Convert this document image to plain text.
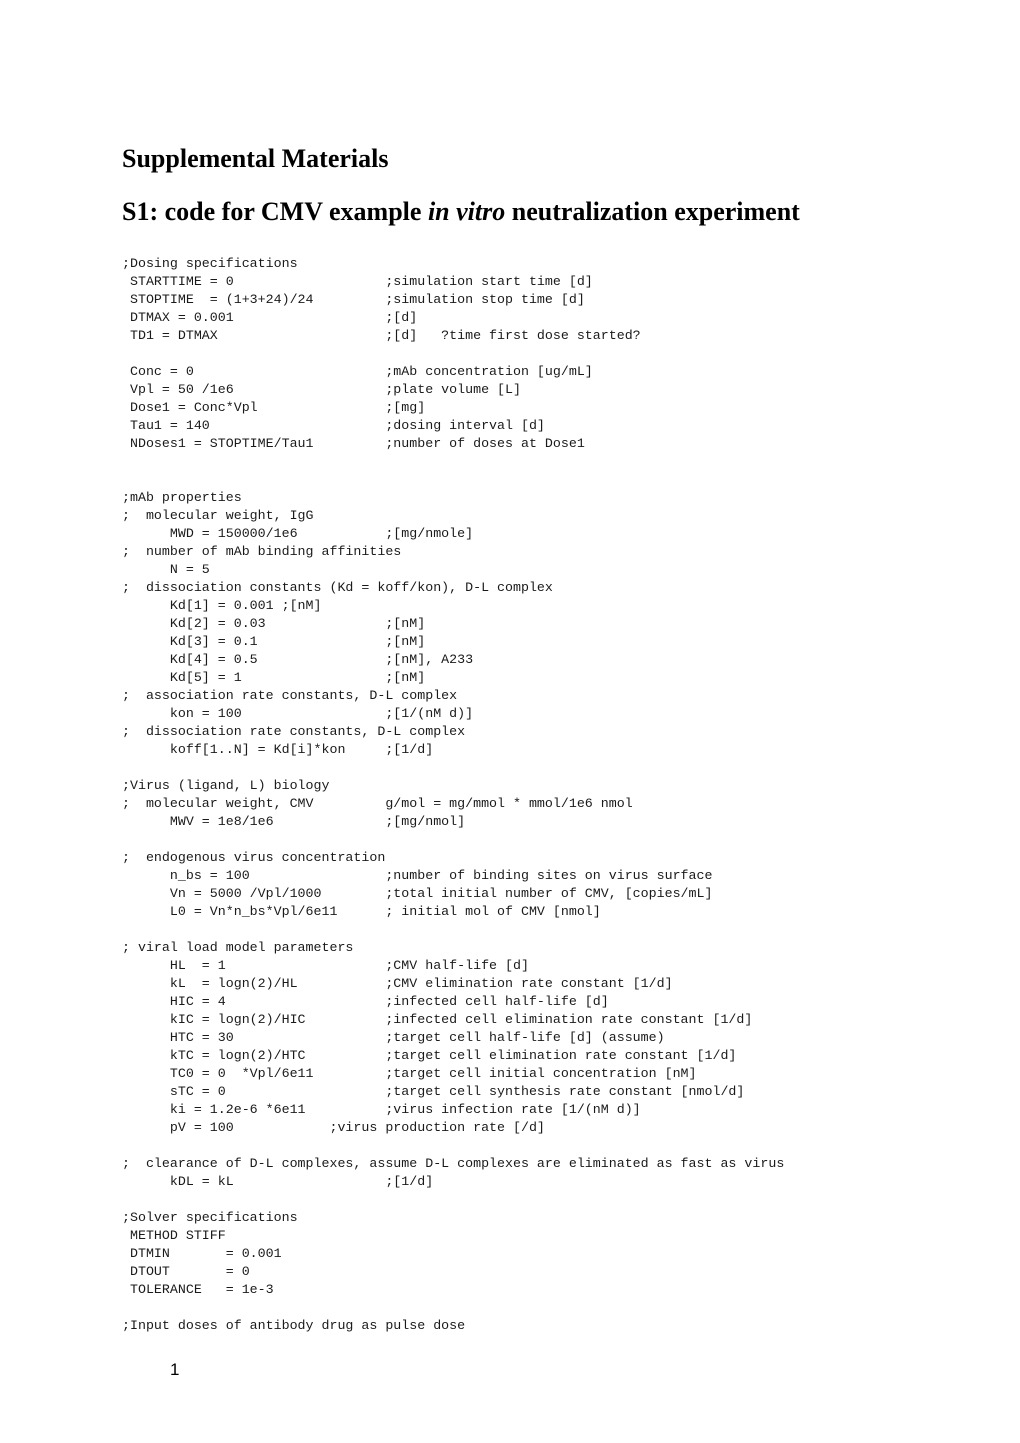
Supplemental Materials
S1: code for CMV example in vitro neutralization experiment
;Dosing specifications
STARTTIME = 0                   ;simulation start time [d]
STOPTIME  = (1+3+24)/24         ;simulation stop time [d]
DTMAX = 0.001                   ;[d]
TD1 = DTMAX                     ;[d]   ?time first dose started?
Conc = 0                        ;mAb concentration [ug/mL]
Vpl = 50 /1e6                   ;plate volume [L]
Dose1 = Conc*Vpl                ;[mg]
Tau1 = 140                      ;dosing interval [d]
NDoses1 = STOPTIME/Tau1         ;number of doses at Dose1
;mAb properties
;  molecular weight, IgG
MWD = 150000/1e6           ;[mg/nmole]
;  number of mAb binding affinities
N = 5
;  dissociation constants (Kd = koff/kon), D-L complex
Kd[1] = 0.001 ;[nM]
Kd[2] = 0.03               ;[nM]
Kd[3] = 0.1                ;[nM]
Kd[4] = 0.5                ;[nM], A233
Kd[5] = 1                  ;[nM]
;  association rate constants, D-L complex
kon = 100                  ;[1/(nM d)]
;  dissociation rate constants, D-L complex
koff[1..N] = Kd[i]*kon     ;[1/d]
;Virus (ligand, L) biology
;  molecular weight, CMV         g/mol = mg/mmol * mmol/1e6 nmol
MWV = 1e8/1e6              ;[mg/nmol]
;  endogenous virus concentration
n_bs = 100                 ;number of binding sites on virus surface
Vn = 5000 /Vpl/1000        ;total initial number of CMV, [copies/mL]
L0 = Vn*n_bs*Vpl/6e11      ; initial mol of CMV [nmol]
; viral load model parameters
HL  = 1                    ;CMV half-life [d]
kL  = logn(2)/HL           ;CMV elimination rate constant [1/d]
HIC = 4                    ;infected cell half-life [d]
kIC = logn(2)/HIC          ;infected cell elimination rate constant [1/d]
HTC = 30                   ;target cell half-life [d] (assume)
kTC = logn(2)/HTC          ;target cell elimination rate constant [1/d]
TC0 = 0  *Vpl/6e11         ;target cell initial concentration [nM]
sTC = 0                    ;target cell synthesis rate constant [nmol/d]
ki = 1.2e-6 *6e11          ;virus infection rate [1/(nM d)]
pV = 100            ;virus production rate [/d]
;  clearance of D-L complexes, assume D-L complexes are eliminated as fast as virus
kDL = kL                   ;[1/d]
;Solver specifications
METHOD STIFF
DTMIN       = 0.001
DTOUT       = 0
TOLERANCE   = 1e-3
;Input doses of antibody drug as pulse dose
1
